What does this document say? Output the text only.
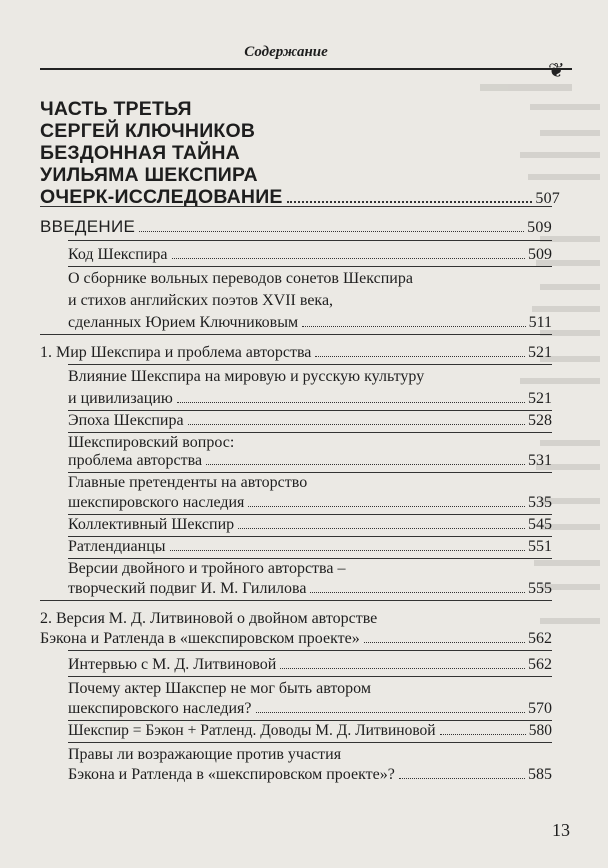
Содержание
❦
ЧАСТЬ ТРЕТЬЯ
СЕРГЕЙ КЛЮЧНИКОВ
БЕЗДОННАЯ ТАЙНА
УИЛЬЯМА ШЕКСПИРА
ОЧЕРК-ИССЛЕДОВАНИЕ	507
ВВЕДЕНИЕ	509
Код Шекспира	509
О сборнике вольных переводов сонетов Шекспира
и стихов английских поэтов XVII века,
сделанных Юрием Ключниковым	511
1. Мир Шекспира и проблема авторства	521
Влияние Шекспира на мировую и русскую культуру
и цивилизацию	521
Эпоха Шекспира	528
Шекспировский вопрос:
проблема авторства	531
Главные претенденты на авторство
шекспировского наследия	535
Коллективный Шекспир	545
Ратлендианцы	551
Версии двойного и тройного авторства –
творческий подвиг И. М. Гилилова	555
2. Версия М. Д. Литвиновой о двойном авторстве
Бэкона и Ратленда в «шекспировском проекте»	562
Интервью с М. Д. Литвиновой	562
Почему актер Шакспер не мог быть автором
шекспировского наследия?	570
Шекспир = Бэкон + Ратленд. Доводы М. Д. Литвиновой	580
Правы ли возражающие против участия
Бэкона и Ратленда в «шекспировском проекте»?	585
13
